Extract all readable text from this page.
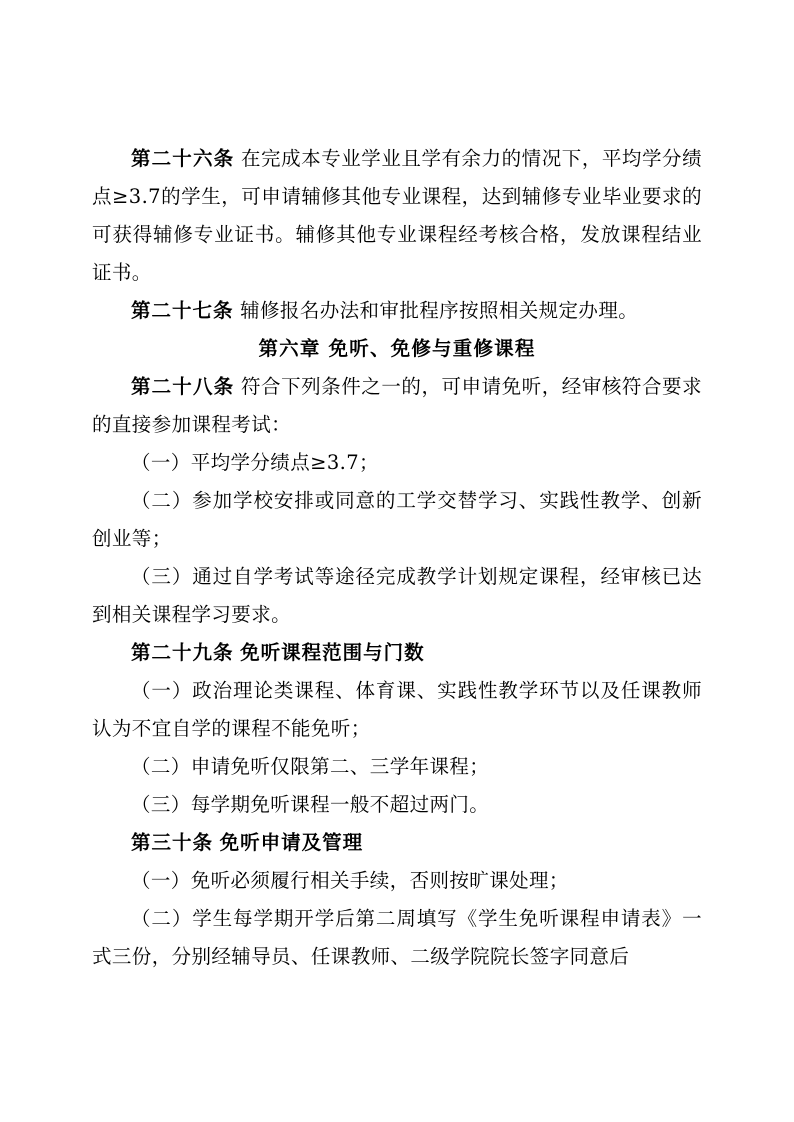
第二十六条 在完成本专业学业且学有余力的情况下，平均学分绩点≥3.7的学生，可申请辅修其他专业课程，达到辅修专业毕业要求的可获得辅修专业证书。辅修其他专业课程经考核合格，发放课程结业证书。

第二十七条 辅修报名办法和审批程序按照相关规定办理。

第六章 免听、免修与重修课程

第二十八条 符合下列条件之一的，可申请免听，经审核符合要求的直接参加课程考试：

（一）平均学分绩点≥3.7；

（二）参加学校安排或同意的工学交替学习、实践性教学、创新创业等；

（三）通过自学考试等途径完成教学计划规定课程，经审核已达到相关课程学习要求。

第二十九条 免听课程范围与门数

（一）政治理论类课程、体育课、实践性教学环节以及任课教师认为不宜自学的课程不能免听；

（二）申请免听仅限第二、三学年课程；

（三）每学期免听课程一般不超过两门。

第三十条 免听申请及管理

（一）免听必须履行相关手续，否则按旷课处理；

（二）学生每学期开学后第二周填写《学生免听课程申请表》一式三份，分别经辅导员、任课教师、二级学院院长签字同意后
